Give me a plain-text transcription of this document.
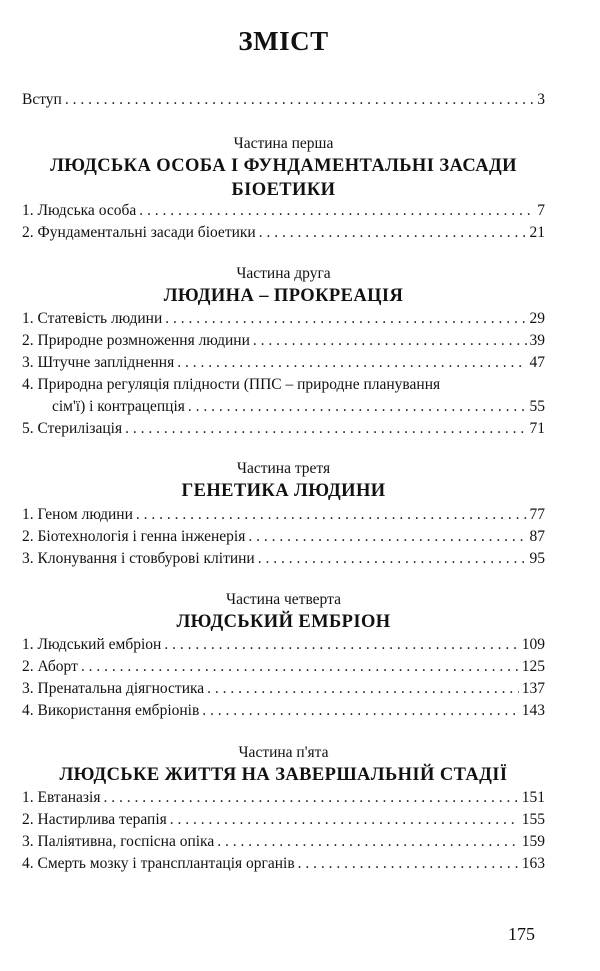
ЗМІСТ
Вступ . . .	3
Частина перша
ЛЮДСЬКА ОСОБА І ФУНДАМЕНТАЛЬНІ ЗАСАДИ
БІОЕТИКИ
1. Людська особа . . .	7
2. Фундаментальні засади біоетики . . .	21
Частина друга
ЛЮДИНА – ПРОКРЕАЦІЯ
1. Статевість людини . . .	29
2. Природне розмноження людини . . .	39
3. Штучне запліднення . . .	47
4. Природна регуляція плідности (ППС – природне планування
сім'ї) і контрацепція . . .	55
5. Стерилізація . . .	71
Частина третя
ГЕНЕТИКА ЛЮДИНИ
1. Геном людини . . .	77
2. Біотехнологія і генна інженерія . . .	87
3. Клонування і стовбурові клітини . . .	95
Частина четверта
ЛЮДСЬКИЙ ЕМБРІОН
1. Людський ембріон . . .	109
2. Аборт . . .	125
3. Пренатальна діягностика . . .	137
4. Використання ембріонів . . .	143
Частина п'ята
ЛЮДСЬКЕ ЖИТТЯ НА ЗАВЕРШАЛЬНІЙ СТАДІЇ
1. Евтаназія . . .	151
2. Настирлива терапія . . .	155
3. Паліятивна, госпісна опіка . . .	159
4. Смерть мозку і трансплантація органів . . .	163
175
